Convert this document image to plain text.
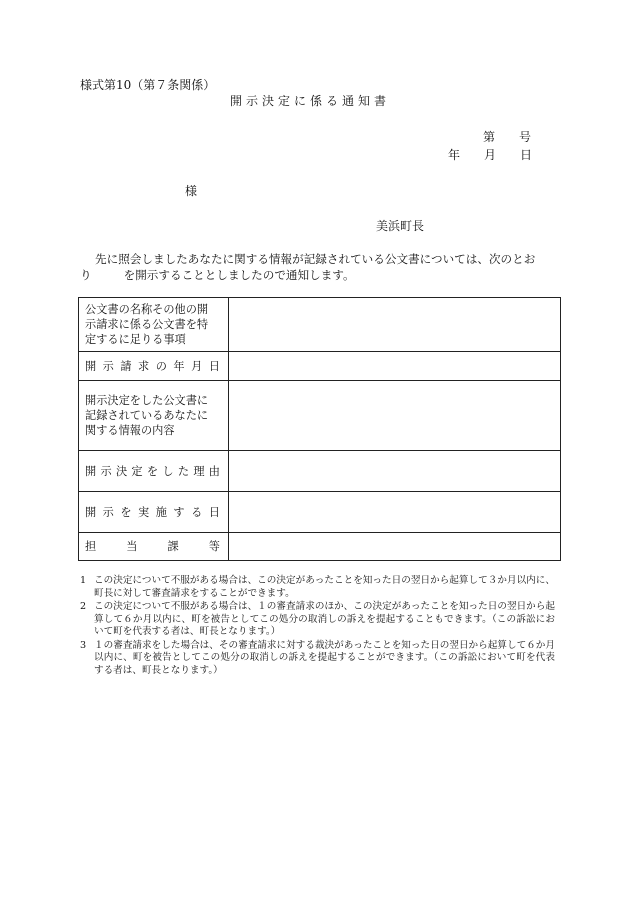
様式第10（第７条関係）
開示決定に係る通知書
第　　号
年　　月　　日
様
美浜町長
先に照会しましたあなたに関する情報が記録されている公文書については、次のとお
り	を開示することとしましたので通知します。
公文書の名称その他の開
示請求に係る公文書を特
定するに足りる事項	

開示請求の年月日	

開示決定をした公文書に
記録されているあなたに
関する情報の内容	

開示決定をした理由	
開示を実施する日	
担当課等	
1 この決定について不服がある場合は、この決定があったことを知った日の翌日から起算して３か月以内に、町長に対して審査請求をすることができます。
2 この決定について不服がある場合は、１の審査請求のほか、この決定があったことを知った日の翌日から起算して６か月以内に、町を被告としてこの処分の取消しの訴えを提起することもできます。（この訴訟において町を代表する者は、町長となります。）
3 １の審査請求をした場合は、その審査請求に対する裁決があったことを知った日の翌日から起算して６か月以内に、町を被告としてこの処分の取消しの訴えを提起することができます。（この訴訟において町を代表する者は、町長となります。）
